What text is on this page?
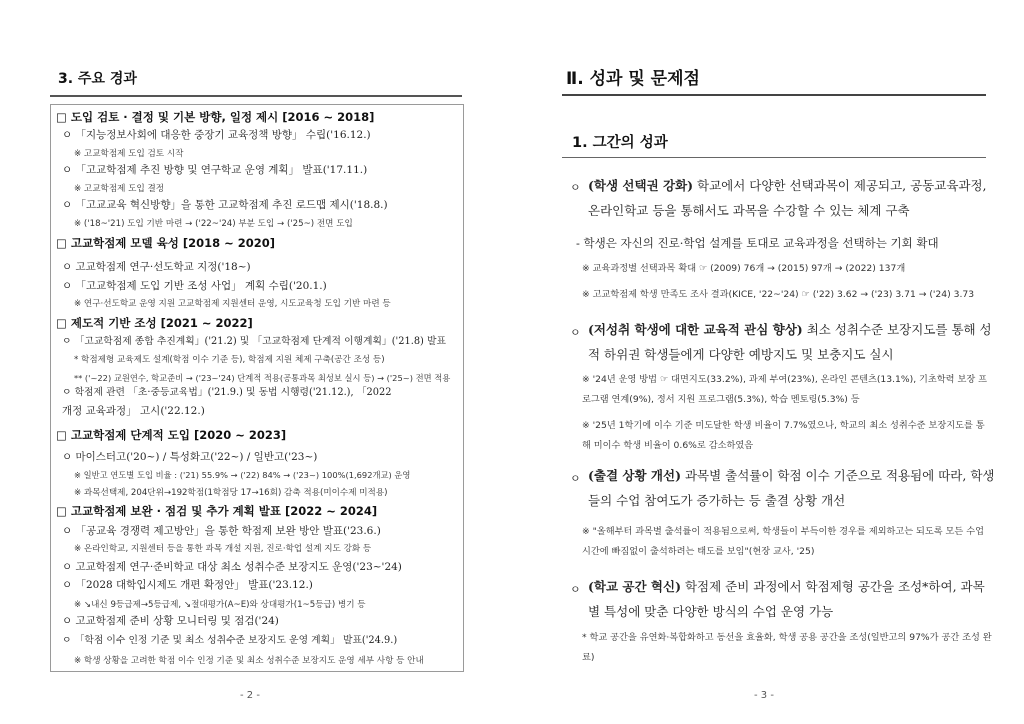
3. 주요 경과
- 2 -
□ 도입 검토 · 결정 및 기본 방향, 일정 제시 [2016 ~ 2018]
ㅇ 「지능정보사회에 대응한 중장기 교육정책 방향」 수립('16.12.)
※ 고교학점제 도입 검토 시작
ㅇ 「고교학점제 추진 방향 및 연구학교 운영 계획」 발표('17.11.)
※ 고교학점제 도입 결정
ㅇ 「고교교육 혁신방향」을 통한 고교학점제 추진 로드맵 제시('18.8.)
※ ('18~'21) 도입 기반 마련 → ('22~'24) 부분 도입 → ('25~) 전면 도입
□ 고교학점제 모델 육성 [2018 ~ 2020]
ㅇ 고교학점제 연구·선도학교 지정('18~)
ㅇ 「고교학점제 도입 기반 조성 사업」 계획 수립('20.1.)
※ 연구·선도학교 운영 지원 고교학점제 지원센터 운영, 시도교육청 도입 기반 마련 등
□ 제도적 기반 조성 [2021 ~ 2022]
ㅇ 「고교학점제 종합 추진계획」('21.2) 및 「고교학점제 단계적 이행계획」('21.8) 발표
* 학점제형 교육제도 설계(학점 이수 기준 등), 학점제 지원 체제 구축(공간 조성 등)
** ('~22) 교원연수, 학교준비 → ('23~'24) 단계적 적용(공통과목 최성보 실시 등) → ('25~) 전면 적용
ㅇ 학점제 관련 「초·중등교육법」('21.9.) 및 동법 시행령('21.12.), 「2022
개정 교육과정」 고시('22.12.)
□ 고교학점제 단계적 도입 [2020 ~ 2023]
ㅇ 마이스터고('20~) / 특성화고('22~) / 일반고('23~)
※ 일반고 연도별 도입 비율 : ('21) 55.9% → ('22) 84% → ('23~) 100%(1,692개교) 운영
※ 과목선택제, 204단위→192학점(1학점당 17→16회) 감축 적용(미이수제 미적용)
□ 고교학점제 보완 · 점검 및 추가 계획 발표 [2022 ~ 2024]
ㅇ 「공교육 경쟁력 제고방안」을 통한 학점제 보완 방안 발표('23.6.)
※ 온라인학교, 지원센터 등을 통한 과목 개설 지원, 진로·학업 설계 지도 강화 등
ㅇ 고교학점제 연구·준비학교 대상 최소 성취수준 보장지도 운영('23~'24)
ㅇ 「2028 대학입시제도 개편 확정안」 발표('23.12.)
※ ↘내신 9등급제→5등급제, ↘절대평가(A~E)와 상대평가(1~5등급) 병기 등
ㅇ 고교학점제 준비 상황 모니터링 및 점검('24)
ㅇ 「학점 이수 인정 기준 및 최소 성취수준 보장지도 운영 계획」 발표('24.9.)
※ 학생 상황을 고려한 학점 이수 인정 기준 및 최소 성취수준 보장지도 운영 세부 사항 등 안내
Ⅱ. 성과 및 문제점
1. 그간의 성과
ㅇ (학생 선택권 강화) 학교에서 다양한 선택과목이 제공되고, 공동교육과정, 온라인학교 등을 통해서도 과목을 수강할 수 있는 체계 구축
- 학생은 자신의 진로·학업 설계를 토대로 교육과정을 선택하는 기회 확대
※ 교육과정별 선택과목 확대 ☞ (2009) 76개 → (2015) 97개 → (2022) 137개
※ 고교학점제 학생 만족도 조사 결과(KICE, '22~'24) ☞ ('22) 3.62 → ('23) 3.71 → ('24) 3.73
ㅇ (저성취 학생에 대한 교육적 관심 향상) 최소 성취수준 보장지도를 통해 성적 하위권 학생들에게 다양한 예방지도 및 보충지도 실시
※ '24년 운영 방법 ☞ 대면지도(33.2%), 과제 부여(23%), 온라인 콘텐츠(13.1%), 기초학력 보장 프로그램 연계(9%), 정서 지원 프로그램(5.3%), 학습 멘토링(5.3%) 등
※ '25년 1학기에 이수 기준 미도달한 학생 비율이 7.7%였으나, 학교의 최소 성취수준 보장지도를 통해 미이수 학생 비율이 0.6%로 감소하였음
ㅇ (출결 상황 개선) 과목별 출석률이 학점 이수 기준으로 적용됨에 따라, 학생들의 수업 참여도가 증가하는 등 출결 상황 개선
※ "올해부터 과목별 출석률이 적용됨으로써, 학생들이 부득이한 경우를 제외하고는 되도록 모든 수업 시간에 빠짐없이 출석하려는 태도를 보임"(현장 교사, '25)
ㅇ (학교 공간 혁신) 학점제 준비 과정에서 학점제형 공간을 조성*하여, 과목별 특성에 맞춘 다양한 방식의 수업 운영 가능
* 학교 공간을 유연화·복합화하고 동선을 효율화, 학생 공용 공간을 조성(일반고의 97%가 공간 조성 완료)
- 3 -
